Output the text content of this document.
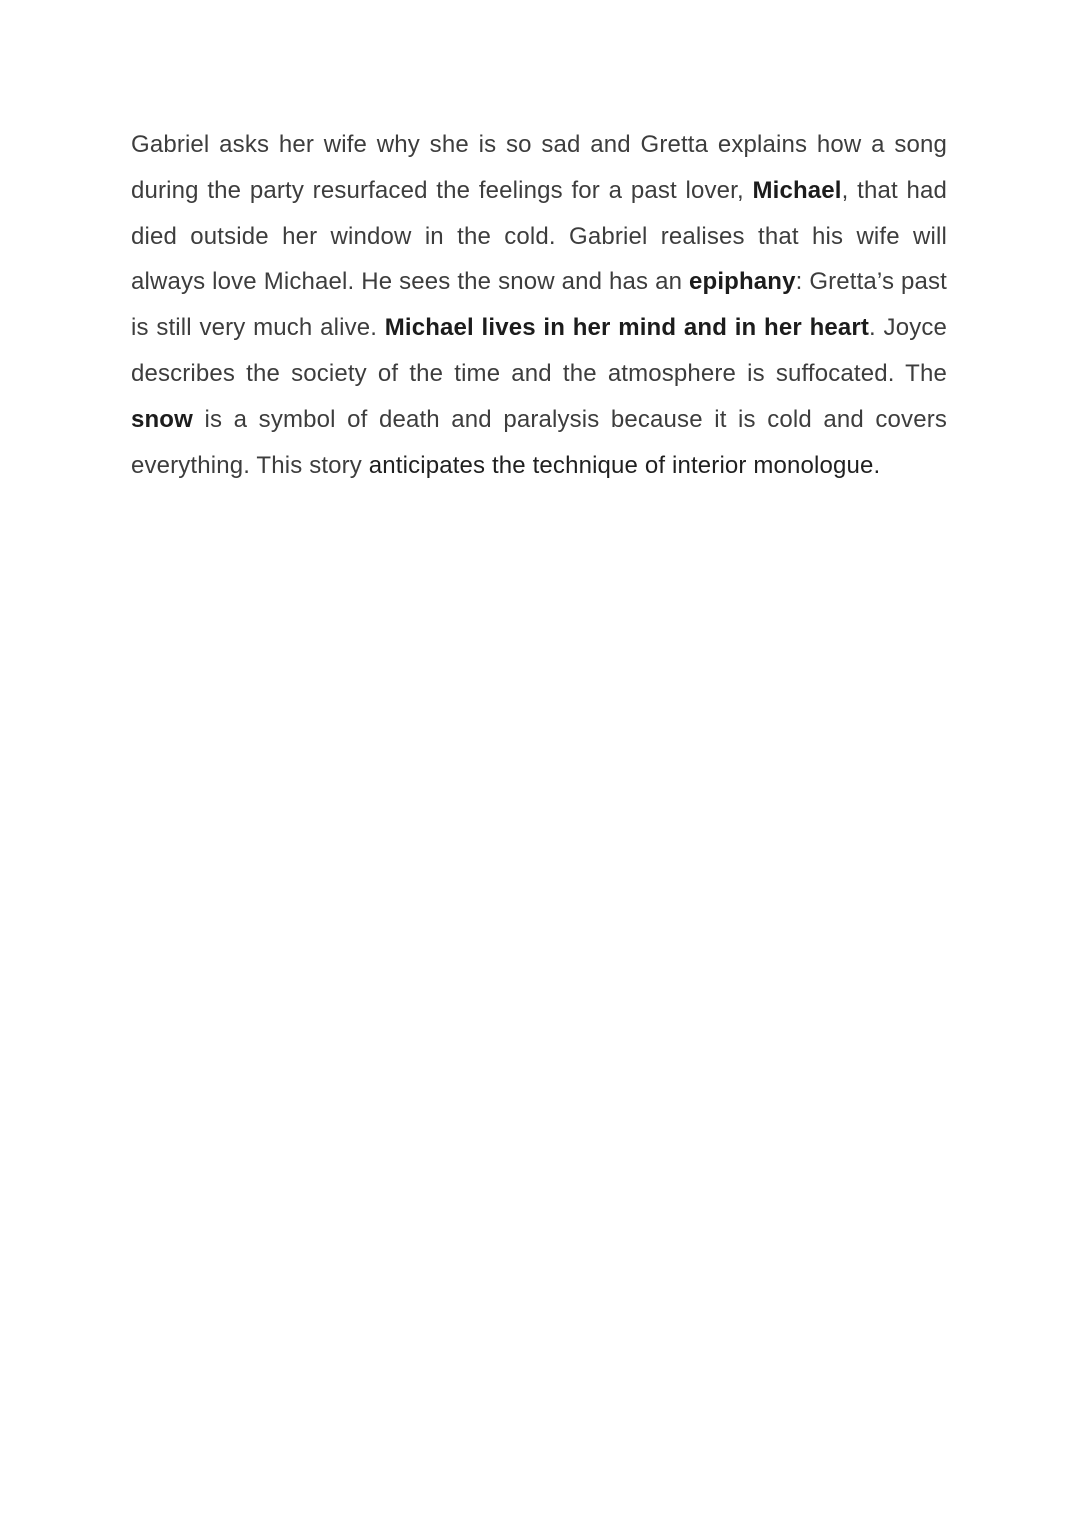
Gabriel asks her wife why she is so sad and Gretta explains how a song during the party resurfaced the feelings for a past lover, Michael, that had died outside her window in the cold. Gabriel realises that his wife will always love Michael. He sees the snow and has an epiphany: Gretta’s past is still very much alive. Michael lives in her mind and in her heart. Joyce describes the society of the time and the atmosphere is suffocated. The snow is a symbol of death and paralysis because it is cold and covers everything. This story anticipates the technique of interior monologue.
